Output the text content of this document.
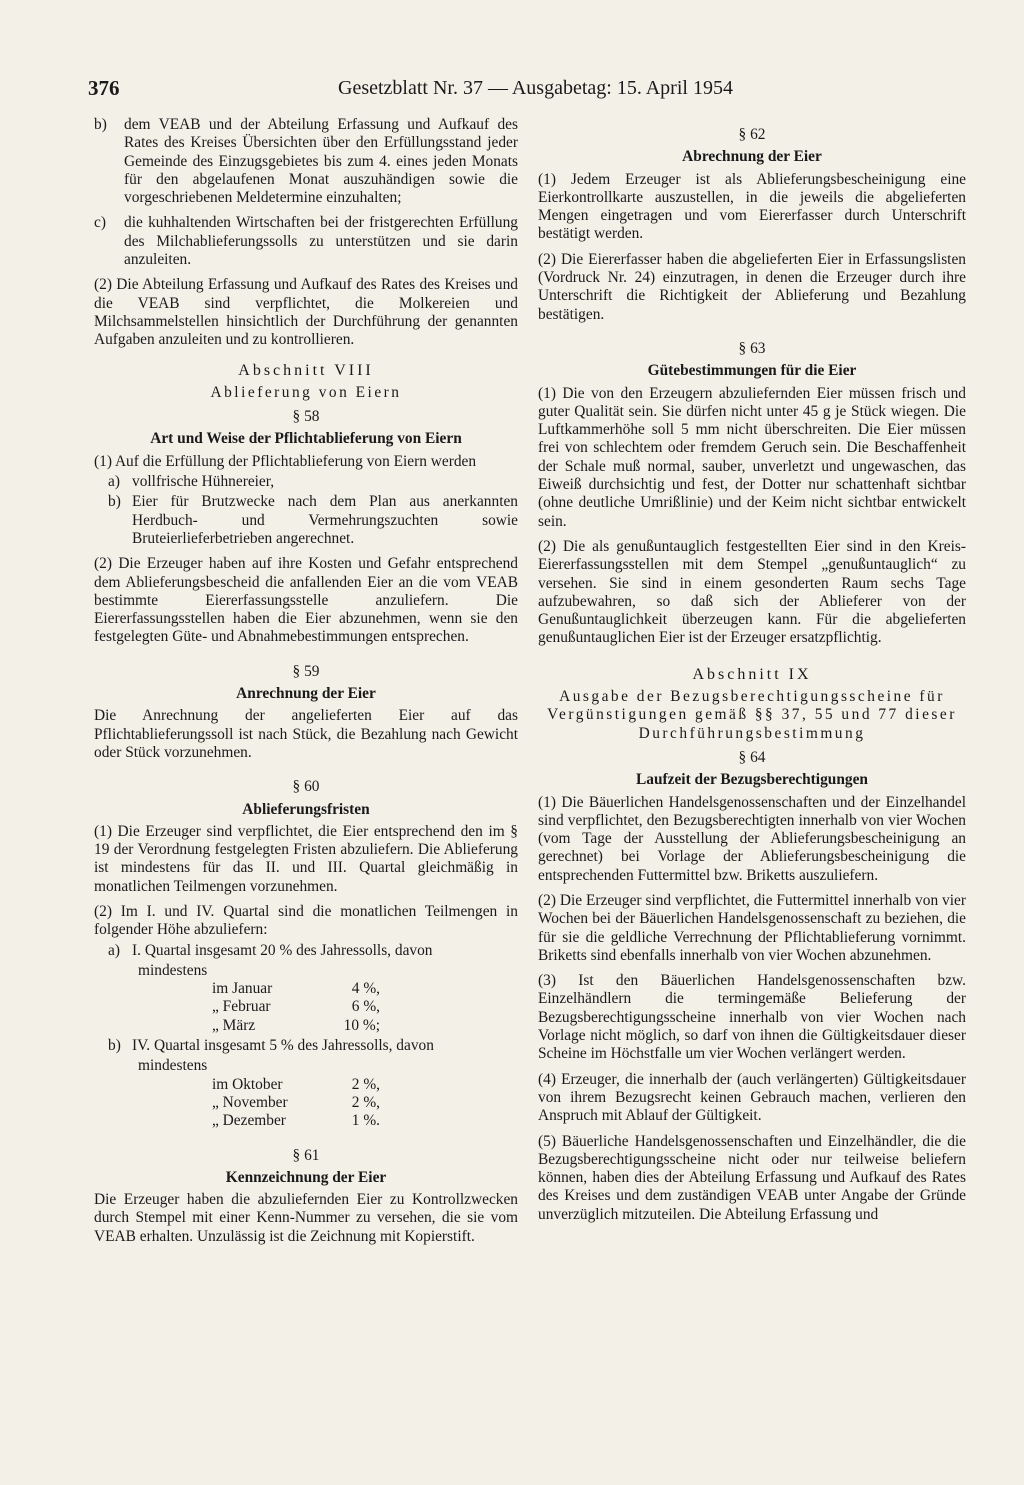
376	Gesetzblatt Nr. 37 — Ausgabetag: 15. April 1954
b)	dem VEAB und der Abteilung Erfassung und Aufkauf des Rates des Kreises Übersichten über den Erfüllungsstand jeder Gemeinde des Einzugsgebietes bis zum 4. eines jeden Monats für den abgelaufenen Monat auszuhändigen sowie die vorgeschriebenen Meldetermine einzuhalten;
c)	die kuhhaltenden Wirtschaften bei der fristgerechten Erfüllung des Milchablieferungssolls zu unterstützen und sie darin anzuleiten.

(2) Die Abteilung Erfassung und Aufkauf des Rates des Kreises und die VEAB sind verpflichtet, die Molkereien und Milchsammelstellen hinsichtlich der Durchführung der genannten Aufgaben anzuleiten und zu kontrollieren.

Abschnitt VIII
Ablieferung von Eiern
§ 58
Art und Weise der Pflichtablieferung von Eiern

(1) Auf die Erfüllung der Pflichtablieferung von Eiern werden

a) vollfrische Hühnereier,
b) Eier für Brutzwecke nach dem Plan aus anerkannten Herdbuch- und Vermehrungszuchten sowie Bruteierlieferbetrieben angerechnet.

(2) Die Erzeuger haben auf ihre Kosten und Gefahr entsprechend dem Ablieferungsbescheid die anfallenden Eier an die vom VEAB bestimmte Eiererfassungsstelle anzuliefern. Die Eiererfassungsstellen haben die Eier abzunehmen, wenn sie den festgelegten Güte- und Abnahmebestimmungen entsprechen.

§ 59
Anrechnung der Eier

Die Anrechnung der angelieferten Eier auf das Pflichtablieferungssoll ist nach Stück, die Bezahlung nach Gewicht oder Stück vorzunehmen.

§ 60
Ablieferungsfristen

(1) Die Erzeuger sind verpflichtet, die Eier entsprechend den im § 19 der Verordnung festgelegten Fristen abzuliefern. Die Ablieferung ist mindestens für das II. und III. Quartal gleichmäßig in monatlichen Teilmengen vorzunehmen.

(2) Im I. und IV. Quartal sind die monatlichen Teilmengen in folgender Höhe abzuliefern:

a) I. Quartal insgesamt 20 % des Jahressolls, davon
mindestens
im Januar	4 %,
„ Februar	6 %,
„ März	10 %;
b) IV. Quartal insgesamt 5 % des Jahressolls, davon
mindestens
im Oktober	2 %,
„ November	2 %,
„ Dezember	1 %.
§ 61
Kennzeichnung der Eier

Die Erzeuger haben die abzuliefernden Eier zu Kontrollzwecken durch Stempel mit einer Kenn-Nummer zu versehen, die sie vom VEAB erhalten. Unzulässig ist die Zeichnung mit Kopierstift.

§ 62
Abrechnung der Eier

(1) Jedem Erzeuger ist als Ablieferungsbescheinigung eine Eierkontrollkarte auszustellen, in die jeweils die abgelieferten Mengen eingetragen und vom Eiererfasser durch Unterschrift bestätigt werden.

(2) Die Eiererfasser haben die abgelieferten Eier in Erfassungslisten (Vordruck Nr. 24) einzutragen, in denen die Erzeuger durch ihre Unterschrift die Richtigkeit der Ablieferung und Bezahlung bestätigen.

§ 63
Gütebestimmungen für die Eier

(1) Die von den Erzeugern abzuliefernden Eier müssen frisch und guter Qualität sein. Sie dürfen nicht unter 45 g je Stück wiegen. Die Luftkammerhöhe soll 5 mm nicht überschreiten. Die Eier müssen frei von schlechtem oder fremdem Geruch sein. Die Beschaffenheit der Schale muß normal, sauber, unverletzt und ungewaschen, das Eiweiß durchsichtig und fest, der Dotter nur schattenhaft sichtbar (ohne deutliche Umrißlinie) und der Keim nicht sichtbar entwickelt sein.

(2) Die als genußuntauglich festgestellten Eier sind in den Kreis-Eiererfassungsstellen mit dem Stempel „genußuntauglich“ zu versehen. Sie sind in einem gesonderten Raum sechs Tage aufzubewahren, so daß sich der Ablieferer von der Genußuntauglichkeit überzeugen kann. Für die abgelieferten genußuntauglichen Eier ist der Erzeuger ersatzpflichtig.

Abschnitt IX
Ausgabe der Bezugsberechtigungsscheine für Vergünstigungen gemäß §§ 37, 55 und 77 dieser Durchführungsbestimmung
§ 64
Laufzeit der Bezugsberechtigungen

(1) Die Bäuerlichen Handelsgenossenschaften und der Einzelhandel sind verpflichtet, den Bezugsberechtigten innerhalb von vier Wochen (vom Tage der Ausstellung der Ablieferungsbescheinigung an gerechnet) bei Vorlage der Ablieferungsbescheinigung die entsprechenden Futtermittel bzw. Briketts auszuliefern.

(2) Die Erzeuger sind verpflichtet, die Futtermittel innerhalb von vier Wochen bei der Bäuerlichen Handelsgenossenschaft zu beziehen, die für sie die geldliche Verrechnung der Pflichtablieferung vornimmt. Briketts sind ebenfalls innerhalb von vier Wochen abzunehmen.

(3) Ist den Bäuerlichen Handelsgenossenschaften bzw. Einzelhändlern die termingemäße Belieferung der Bezugsberechtigungsscheine innerhalb von vier Wochen nach Vorlage nicht möglich, so darf von ihnen die Gültigkeitsdauer dieser Scheine im Höchstfalle um vier Wochen verlängert werden.

(4) Erzeuger, die innerhalb der (auch verlängerten) Gültigkeitsdauer von ihrem Bezugsrecht keinen Gebrauch machen, verlieren den Anspruch mit Ablauf der Gültigkeit.

(5) Bäuerliche Handelsgenossenschaften und Einzelhändler, die die Bezugsberechtigungsscheine nicht oder nur teilweise beliefern können, haben dies der Abteilung Erfassung und Aufkauf des Rates des Kreises und dem zuständigen VEAB unter Angabe der Gründe unverzüglich mitzuteilen. Die Abteilung Erfassung und
